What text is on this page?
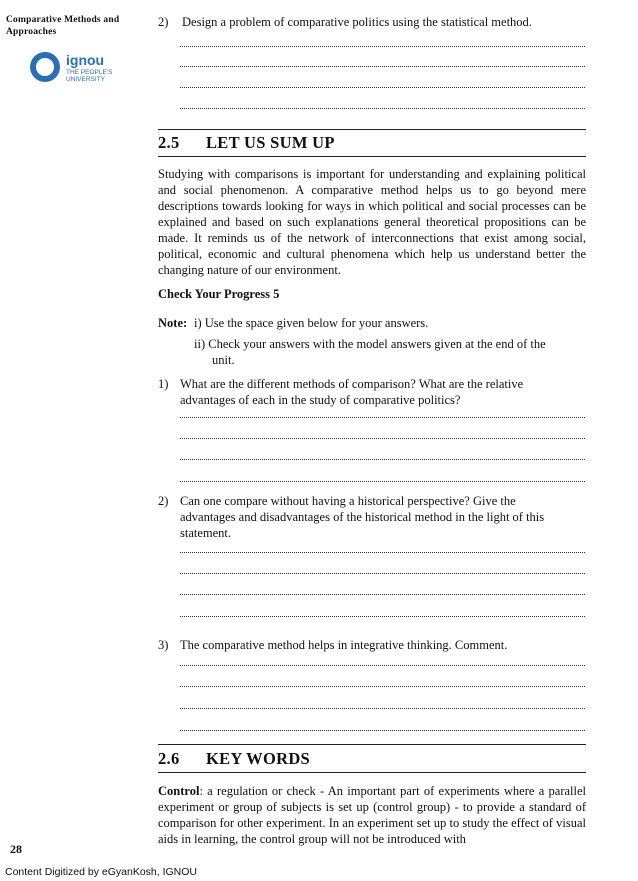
Comparative Methods and Approaches
ignou
THE PEOPLE'S
UNIVERSITY
2) Design a problem of comparative politics using the statistical method.
2.5 LET US SUM UP
Studying with comparisons is important for understanding and explaining political and social phenomenon. A comparative method helps us to go beyond mere descriptions towards looking for ways in which political and social processes can be explained and based on such explanations general theoretical propositions can be made. It reminds us of the network of interconnections that exist among social, political, economic and cultural phenomena which help us understand better the changing nature of our environment.
Check Your Progress 5
Note: i) Use the space given below for your answers.
ii) Check your answers with the model answers given at the end of the
unit.
1) What are the different methods of comparison? What are the relative
advantages of each in the study of comparative politics?
2) Can one compare without having a historical perspective? Give the
advantages and disadvantages of the historical method in the light of this
statement.
3) The comparative method helps in integrative thinking. Comment.
2.6 KEY WORDS
Control: a regulation or check - An important part of experiments where a parallel experiment or group of subjects is set up (control group) - to provide a standard of comparison for other experiment. In an experiment set up to study the effect of visual aids in learning, the control group will not be introduced with
28
Content Digitized by eGyanKosh, IGNOU
